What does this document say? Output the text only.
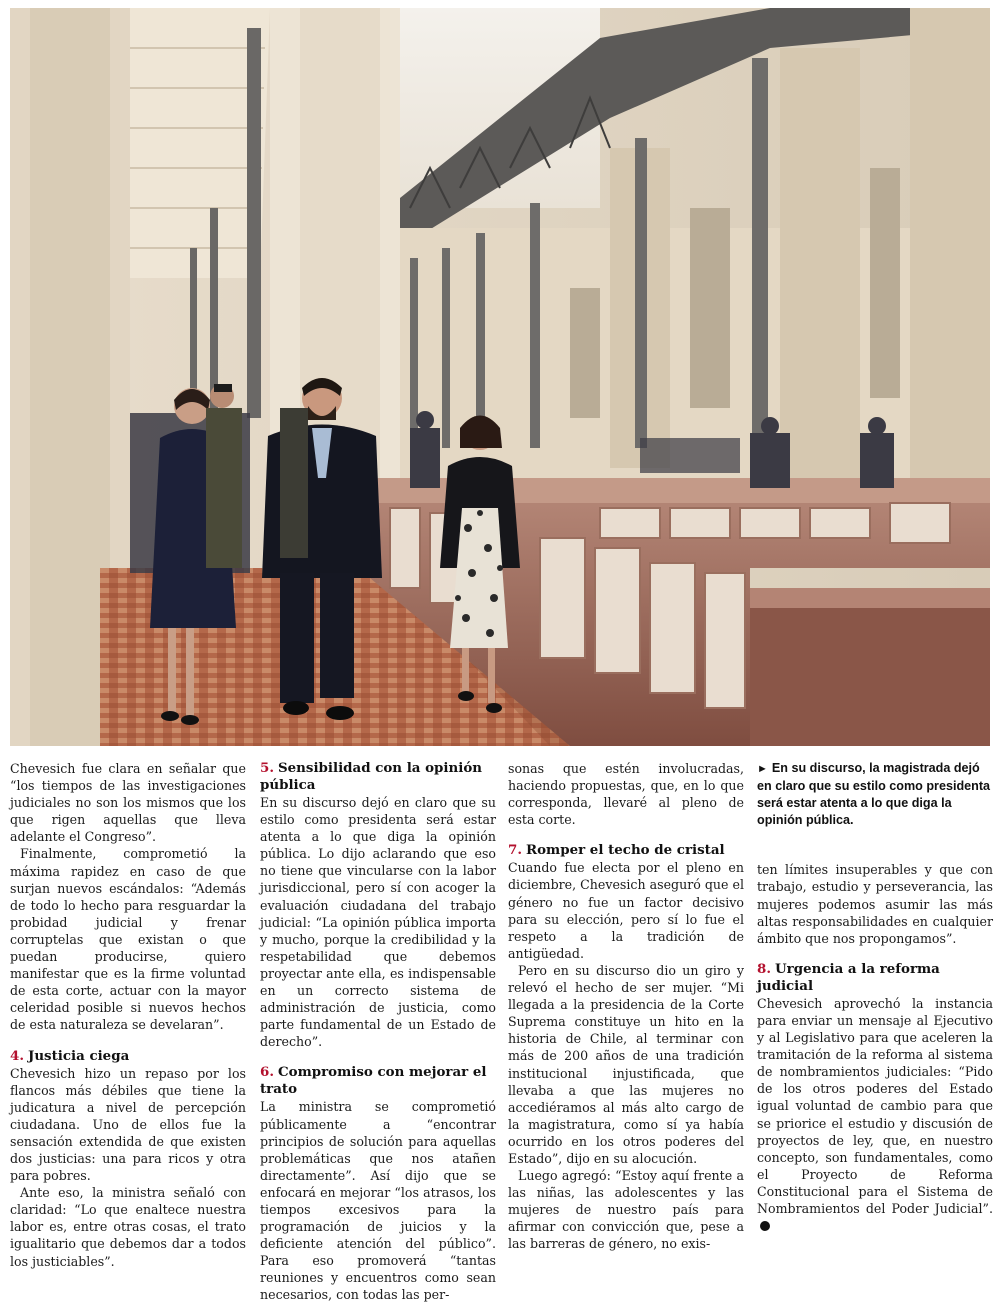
Chevesich fue clara en señalar que “los tiempos de las investigaciones judiciales no son los mismos que los que rigen aquellas que lleva adelante el Congreso”.

Finalmente, comprometió la máxima rapidez en caso de que surjan nuevos escándalos: “Además de todo lo hecho para resguardar la probidad judicial y frenar corruptelas que existan o que puedan producirse, quiero manifestar que es la firme voluntad de esta corte, actuar con la mayor celeridad posible si nuevos hechos de esta naturaleza se develaran”.

4. Justicia ciega

Chevesich hizo un repaso por los flancos más débiles que tiene la judicatura a nivel de percepción ciudadana. Uno de ellos fue la sensación extendida de que existen dos justicias: una para ricos y otra para pobres.

Ante eso, la ministra señaló con claridad: “Lo que enaltece nuestra labor es, entre otras cosas, el trato igualitario que debemos dar a todos los justiciables”.

5. Sensibilidad con la opinión pública

En su discurso dejó en claro que su estilo como presidenta será estar atenta a lo que diga la opinión pública. Lo dijo aclarando que eso no tiene que vincularse con la labor jurisdiccional, pero sí con acoger la evaluación ciudadana del trabajo judicial: “La opinión pública importa y mucho, porque la credibilidad y la respetabilidad que debemos proyectar ante ella, es indispensable en un correcto sistema de administración de justicia, como parte fundamental de un Estado de derecho”.

6. Compromiso con mejorar el trato

La ministra se comprometió públicamente a “encontrar principios de solución para aquellas problemáticas que nos atañen directamente”. Así dijo que se enfocará en mejorar “los atrasos, los tiempos excesivos para la programación de juicios y la deficiente atención del público”. Para eso promoverá “tantas reuniones y encuentros como sean necesarios, con todas las per-

sonas que estén involucradas, haciendo propuestas, que, en lo que corresponda, llevaré al pleno de esta corte.

7. Romper el techo de cristal

Cuando fue electa por el pleno en diciembre, Chevesich aseguró que el género no fue un factor decisivo para su elección, pero sí lo fue el respeto a la tradición de antigüedad.

Pero en su discurso dio un giro y relevó el hecho de ser mujer. “Mi llegada a la presidencia de la Corte Suprema constituye un hito en la historia de Chile, al terminar con más de 200 años de una tradición institucional injustificada, que llevaba a que las mujeres no accediéramos al más alto cargo de la magistratura, como sí ya había ocurrido en los otros poderes del Estado”, dijo en su alocución.

Luego agregó: “Estoy aquí frente a las niñas, las adolescentes y las mujeres de nuestro país para afirmar con convicción que, pese a las barreras de género, no exis-

► En su discurso, la magistrada dejó en claro que su estilo como presidenta será estar atenta a lo que diga la opinión pública.

ten límites insuperables y que con trabajo, estudio y perseverancia, las mujeres podemos asumir las más altas responsabilidades en cualquier ámbito que nos propongamos”.

8. Urgencia a la reforma judicial

Chevesich aprovechó la instancia para enviar un mensaje al Ejecutivo y al Legislativo para que aceleren la tramitación de la reforma al sistema de nombramientos judiciales: “Pido de los otros poderes del Estado igual voluntad de cambio para que se priorice el estudio y discusión de proyectos de ley, que, en nuestro concepto, son fundamentales, como el Proyecto de Reforma Constitucional para el Sistema de Nombramientos del Poder Judicial”.
